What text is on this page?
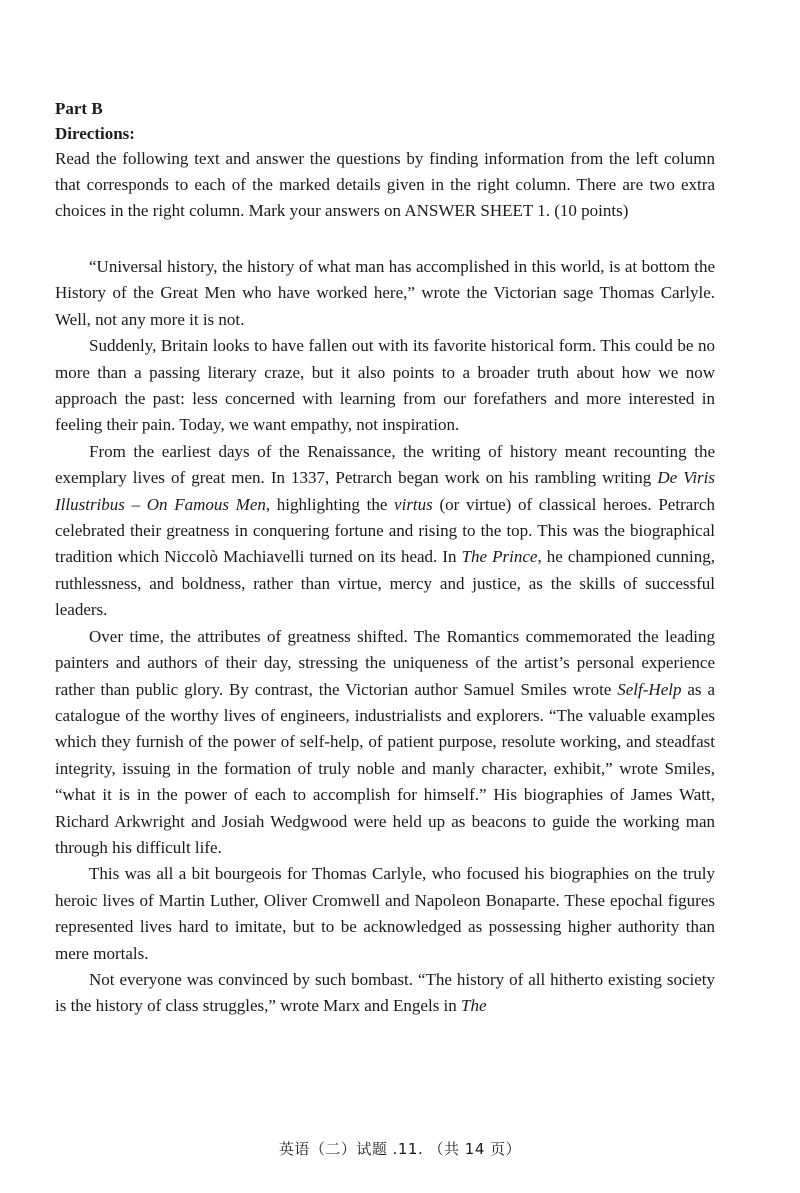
Part B

Directions:

Read the following text and answer the questions by finding information from the left column that corresponds to each of the marked details given in the right column. There are two extra choices in the right column. Mark your answers on ANSWER SHEET 1. (10 points)

“Universal history, the history of what man has accomplished in this world, is at bottom the History of the Great Men who have worked here,” wrote the Victorian sage Thomas Carlyle. Well, not any more it is not.

Suddenly, Britain looks to have fallen out with its favorite historical form. This could be no more than a passing literary craze, but it also points to a broader truth about how we now approach the past: less concerned with learning from our forefathers and more interested in feeling their pain. Today, we want empathy, not inspiration.

From the earliest days of the Renaissance, the writing of history meant recounting the exemplary lives of great men. In 1337, Petrarch began work on his rambling writing De Viris Illustribus – On Famous Men, highlighting the virtus (or virtue) of classical heroes. Petrarch celebrated their greatness in conquering fortune and rising to the top. This was the biographical tradition which Niccolò Machiavelli turned on its head. In The Prince, he championed cunning, ruthlessness, and boldness, rather than virtue, mercy and justice, as the skills of successful leaders.

Over time, the attributes of greatness shifted. The Romantics commemorated the leading painters and authors of their day, stressing the uniqueness of the artist’s personal experience rather than public glory. By contrast, the Victorian author Samuel Smiles wrote Self-Help as a catalogue of the worthy lives of engineers, industrialists and explorers. “The valuable examples which they furnish of the power of self-help, of patient purpose, resolute working, and steadfast integrity, issuing in the formation of truly noble and manly character, exhibit,” wrote Smiles, “what it is in the power of each to accomplish for himself.” His biographies of James Watt, Richard Arkwright and Josiah Wedgwood were held up as beacons to guide the working man through his difficult life.

This was all a bit bourgeois for Thomas Carlyle, who focused his biographies on the truly heroic lives of Martin Luther, Oliver Cromwell and Napoleon Bonaparte. These epochal figures represented lives hard to imitate, but to be acknowledged as possessing higher authority than mere mortals.

Not everyone was convinced by such bombast. “The history of all hitherto existing society is the history of class struggles,” wrote Marx and Engels in The

英语（二）试题 .11. （共 14 页）
